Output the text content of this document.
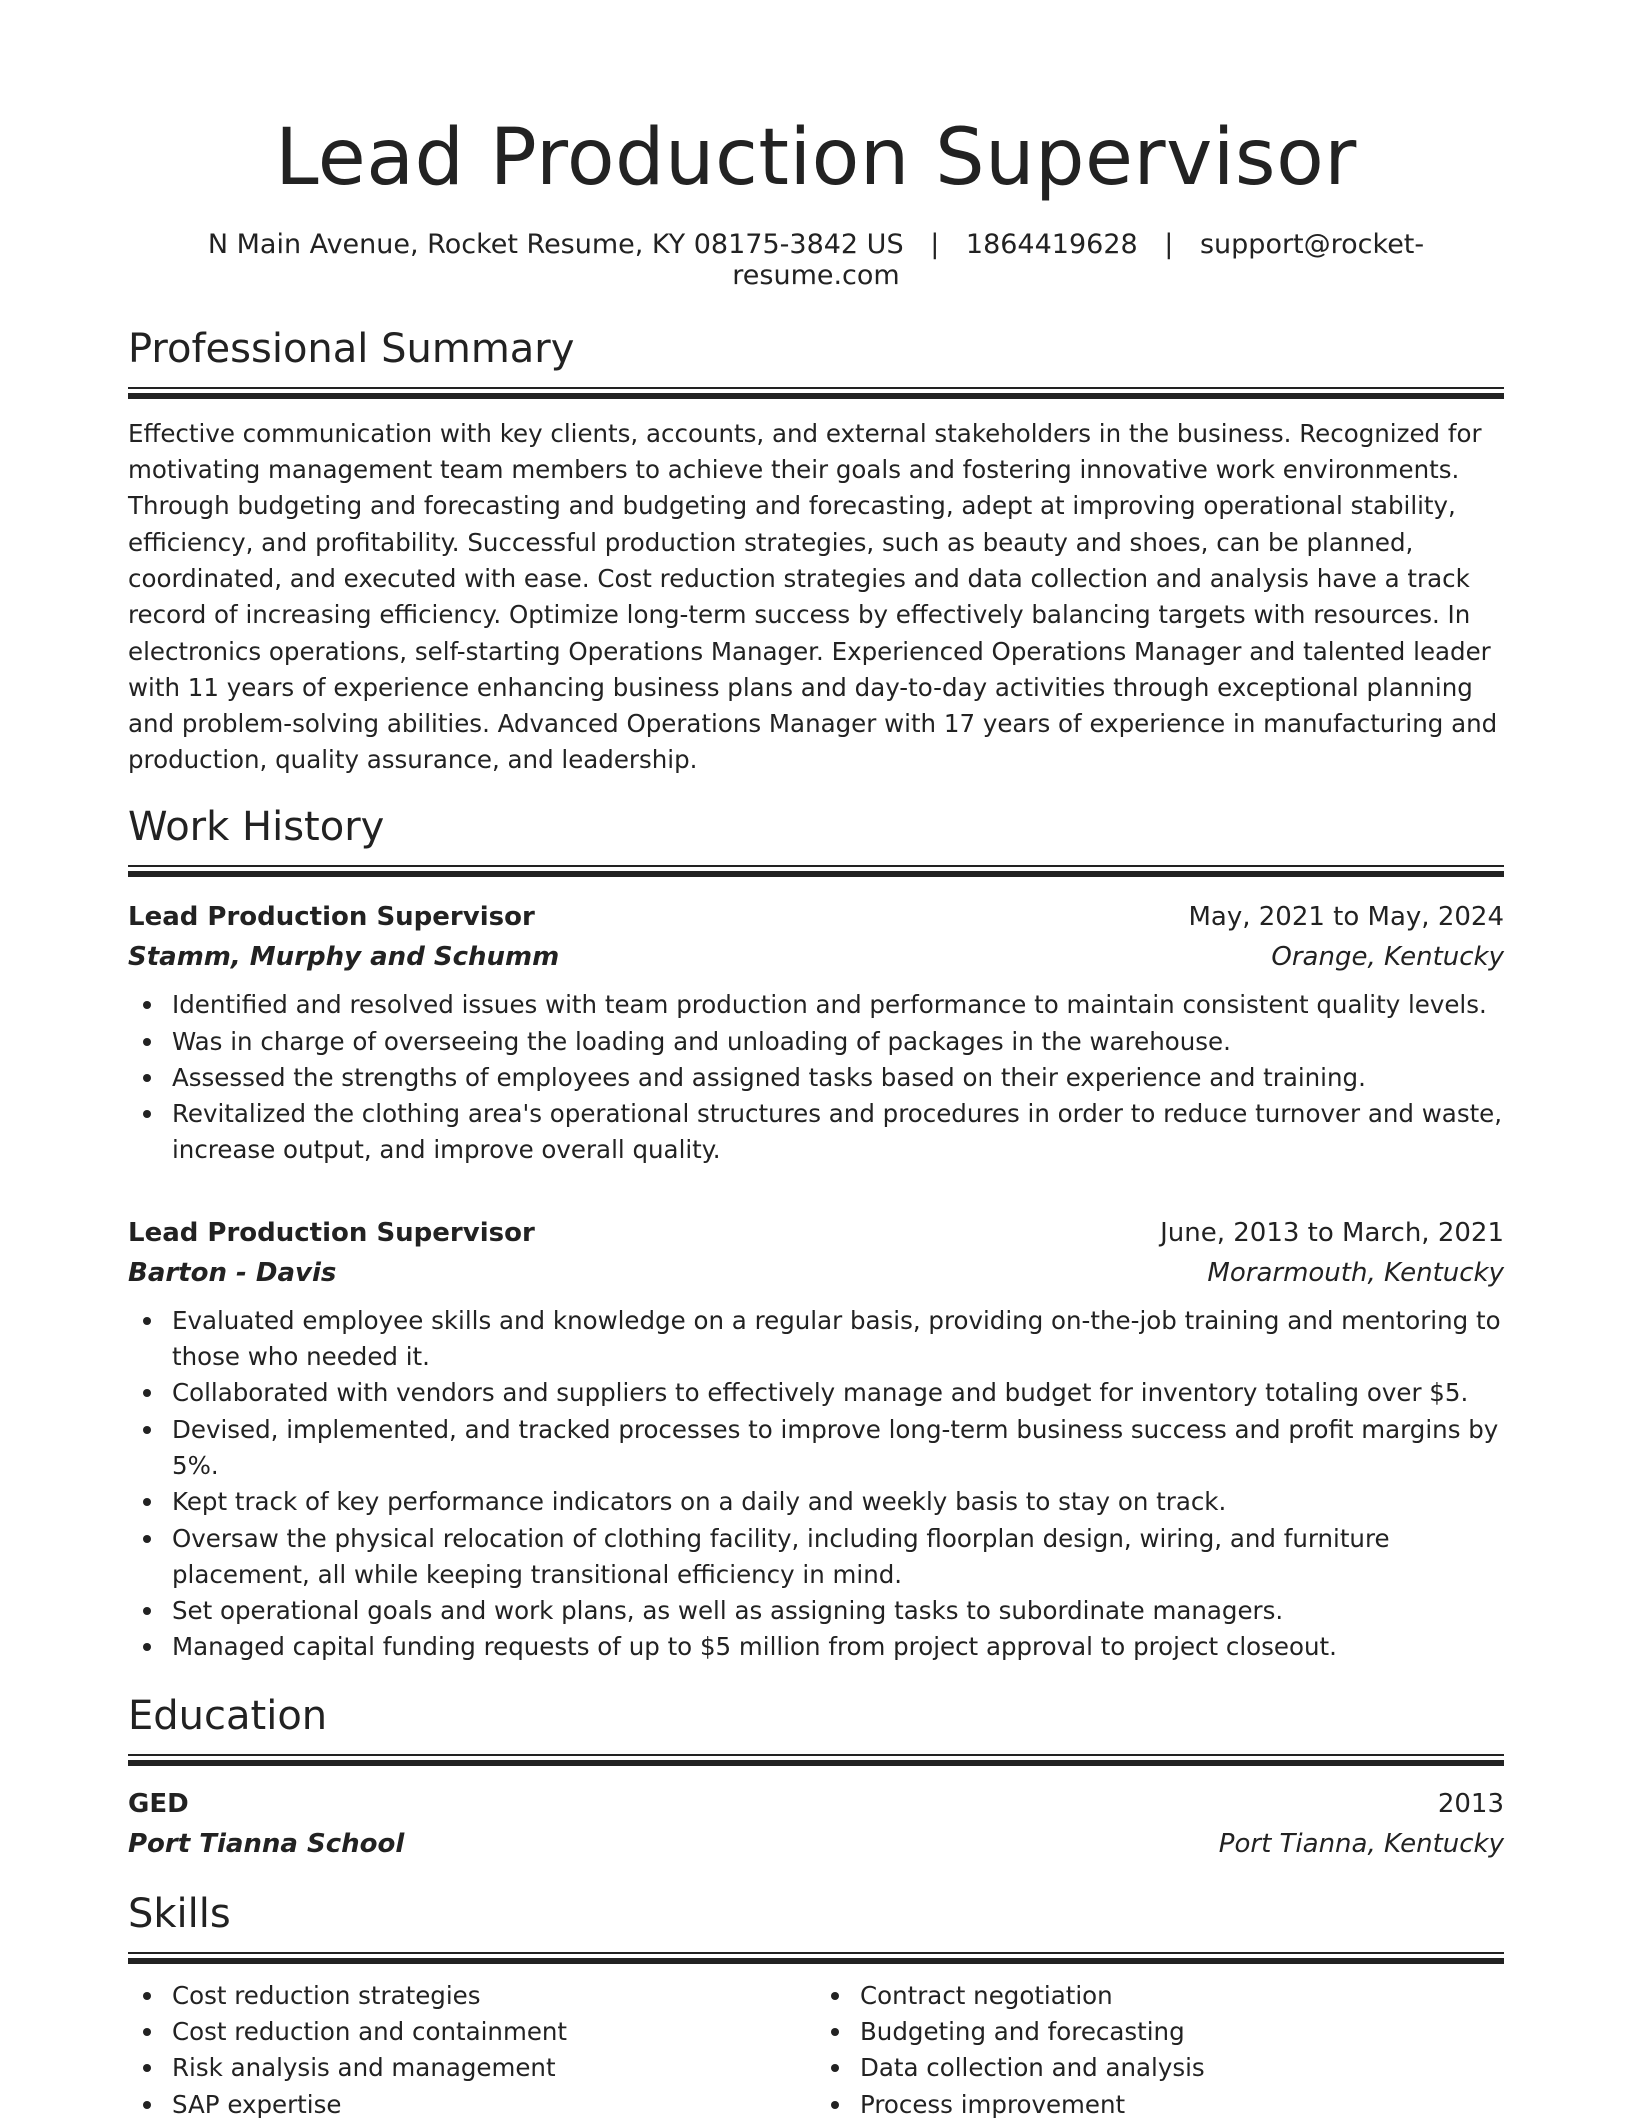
Lead Production Supervisor
N Main Avenue, Rocket Resume, KY 08175-3842 US | 1864419628 | support@rocket-resume.com
Professional Summary

Effective communication with key clients, accounts, and external stakeholders in the business. Recognized for motivating management team members to achieve their goals and fostering innovative work environments. Through budgeting and forecasting and budgeting and forecasting, adept at improving operational stability, efficiency, and profitability. Successful production strategies, such as beauty and shoes, can be planned, coordinated, and executed with ease. Cost reduction strategies and data collection and analysis have a track record of increasing efficiency. Optimize long-term success by effectively balancing targets with resources. In electronics operations, self-starting Operations Manager. Experienced Operations Manager and talented leader with 11 years of experience enhancing business plans and day-to-day activities through exceptional planning and problem-solving abilities. Advanced Operations Manager with 17 years of experience in manufacturing and production, quality assurance, and leadership.

Work History
Lead Production Supervisor	May, 2021 to May, 2024
Stamm, Murphy and Schumm	Orange, Kentucky
Identified and resolved issues with team production and performance to maintain consistent quality levels.
Was in charge of overseeing the loading and unloading of packages in the warehouse.
Assessed the strengths of employees and assigned tasks based on their experience and training.
Revitalized the clothing area's operational structures and procedures in order to reduce turnover and waste, increase output, and improve overall quality.
Lead Production Supervisor	June, 2013 to March, 2021
Barton - Davis	Morarmouth, Kentucky
Evaluated employee skills and knowledge on a regular basis, providing on-the-job training and mentoring to those who needed it.
Collaborated with vendors and suppliers to effectively manage and budget for inventory totaling over $5.
Devised, implemented, and tracked processes to improve long-term business success and profit margins by 5%.
Kept track of key performance indicators on a daily and weekly basis to stay on track.
Oversaw the physical relocation of clothing facility, including floorplan design, wiring, and furniture placement, all while keeping transitional efficiency in mind.
Set operational goals and work plans, as well as assigning tasks to subordinate managers.
Managed capital funding requests of up to $5 million from project approval to project closeout.
Education
GED	2013
Port Tianna School	Port Tianna, Kentucky
Skills
Cost reduction strategies
Cost reduction and containment
Risk analysis and management
SAP expertise
Contract negotiation
Budgeting and forecasting
Data collection and analysis
Process improvement
